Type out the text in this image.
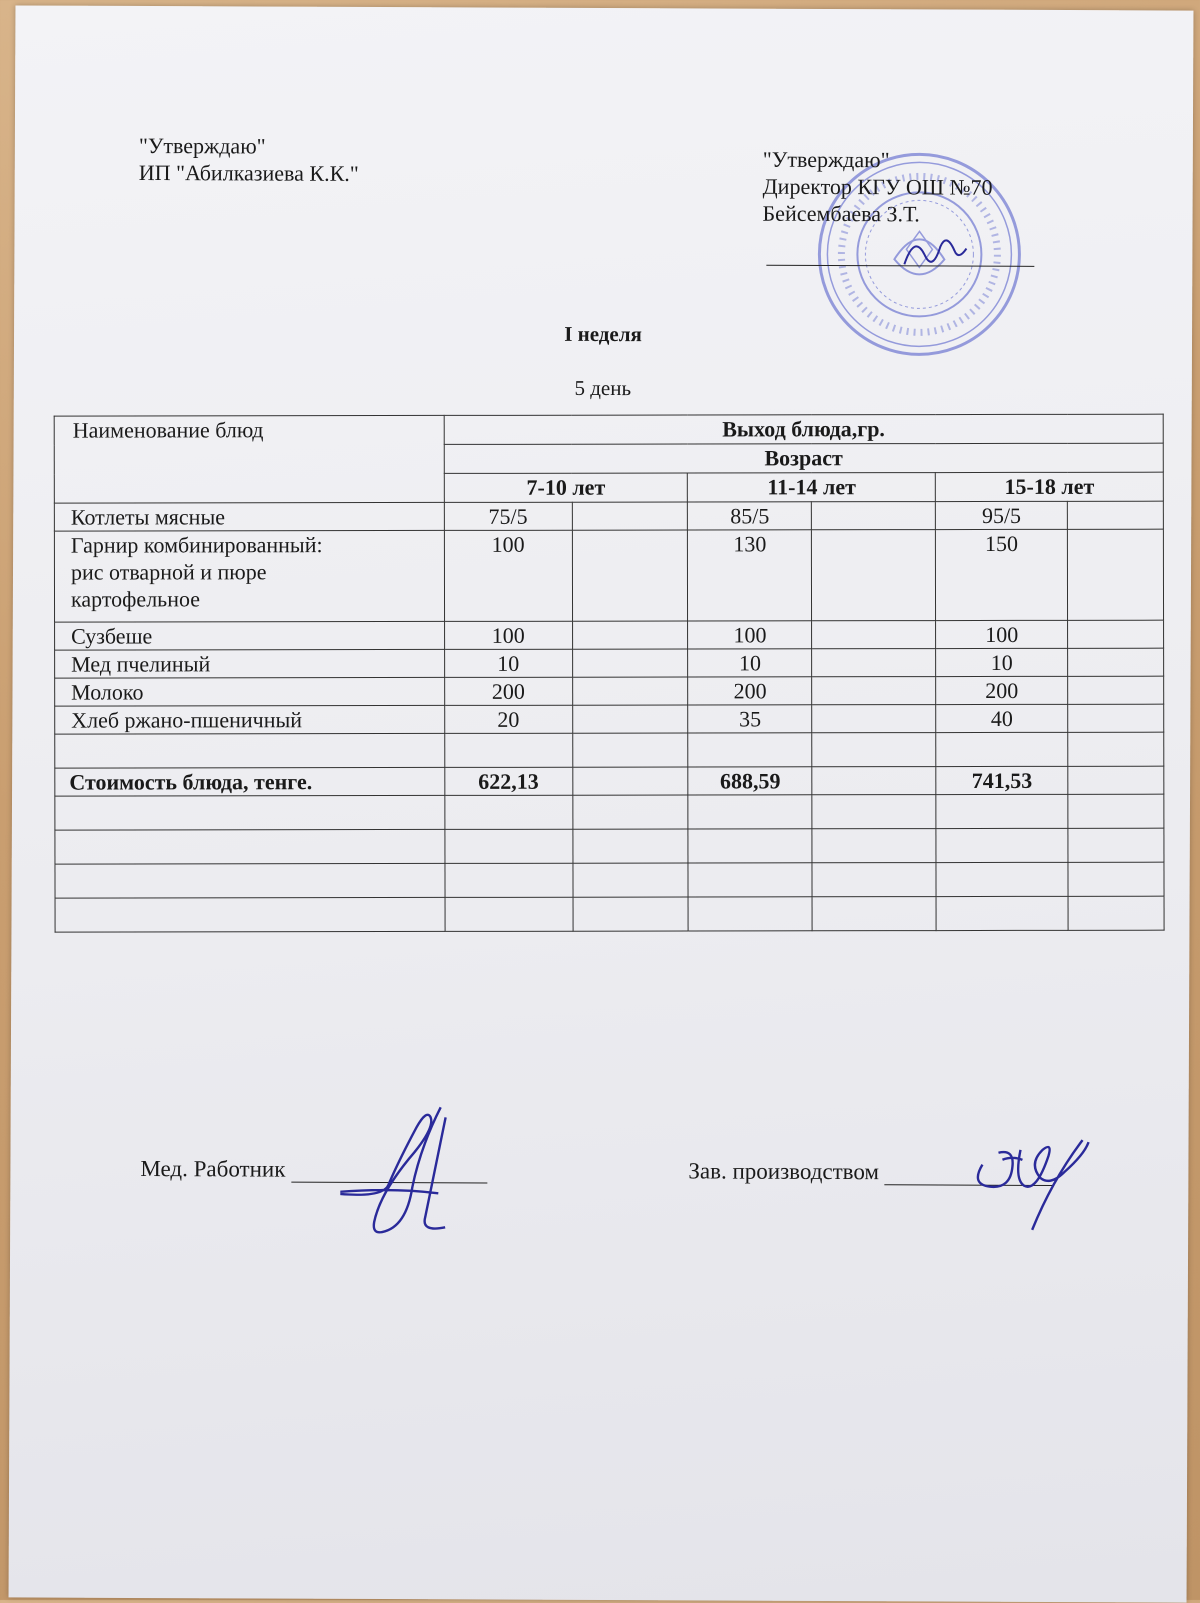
"Утверждаю"
ИП "Абилказиева К.К."
"Утверждаю"
Директор КГУ ОШ №70
Бейсембаева З.Т.
I неделя
5 день
Наименование блюд	Выход блюда,гр.					
	Возраст					
	7-10 лет		11-14 лет		15-18 лет	
Котлеты мясные	75/5		85/5		95/5	

Гарнир комбинированный:
рис отварной и пюре
картофельное	100		130		150	
Сузбеше	100		100		100	
Мед пчелиный	10		10		10	
Молоко	200		200		200	
Хлеб ржано-пшеничный	20		35		40	

Стоимость блюда, тенге.	622,13		688,59		741,53	

Мед. Работник	Зав. производством
